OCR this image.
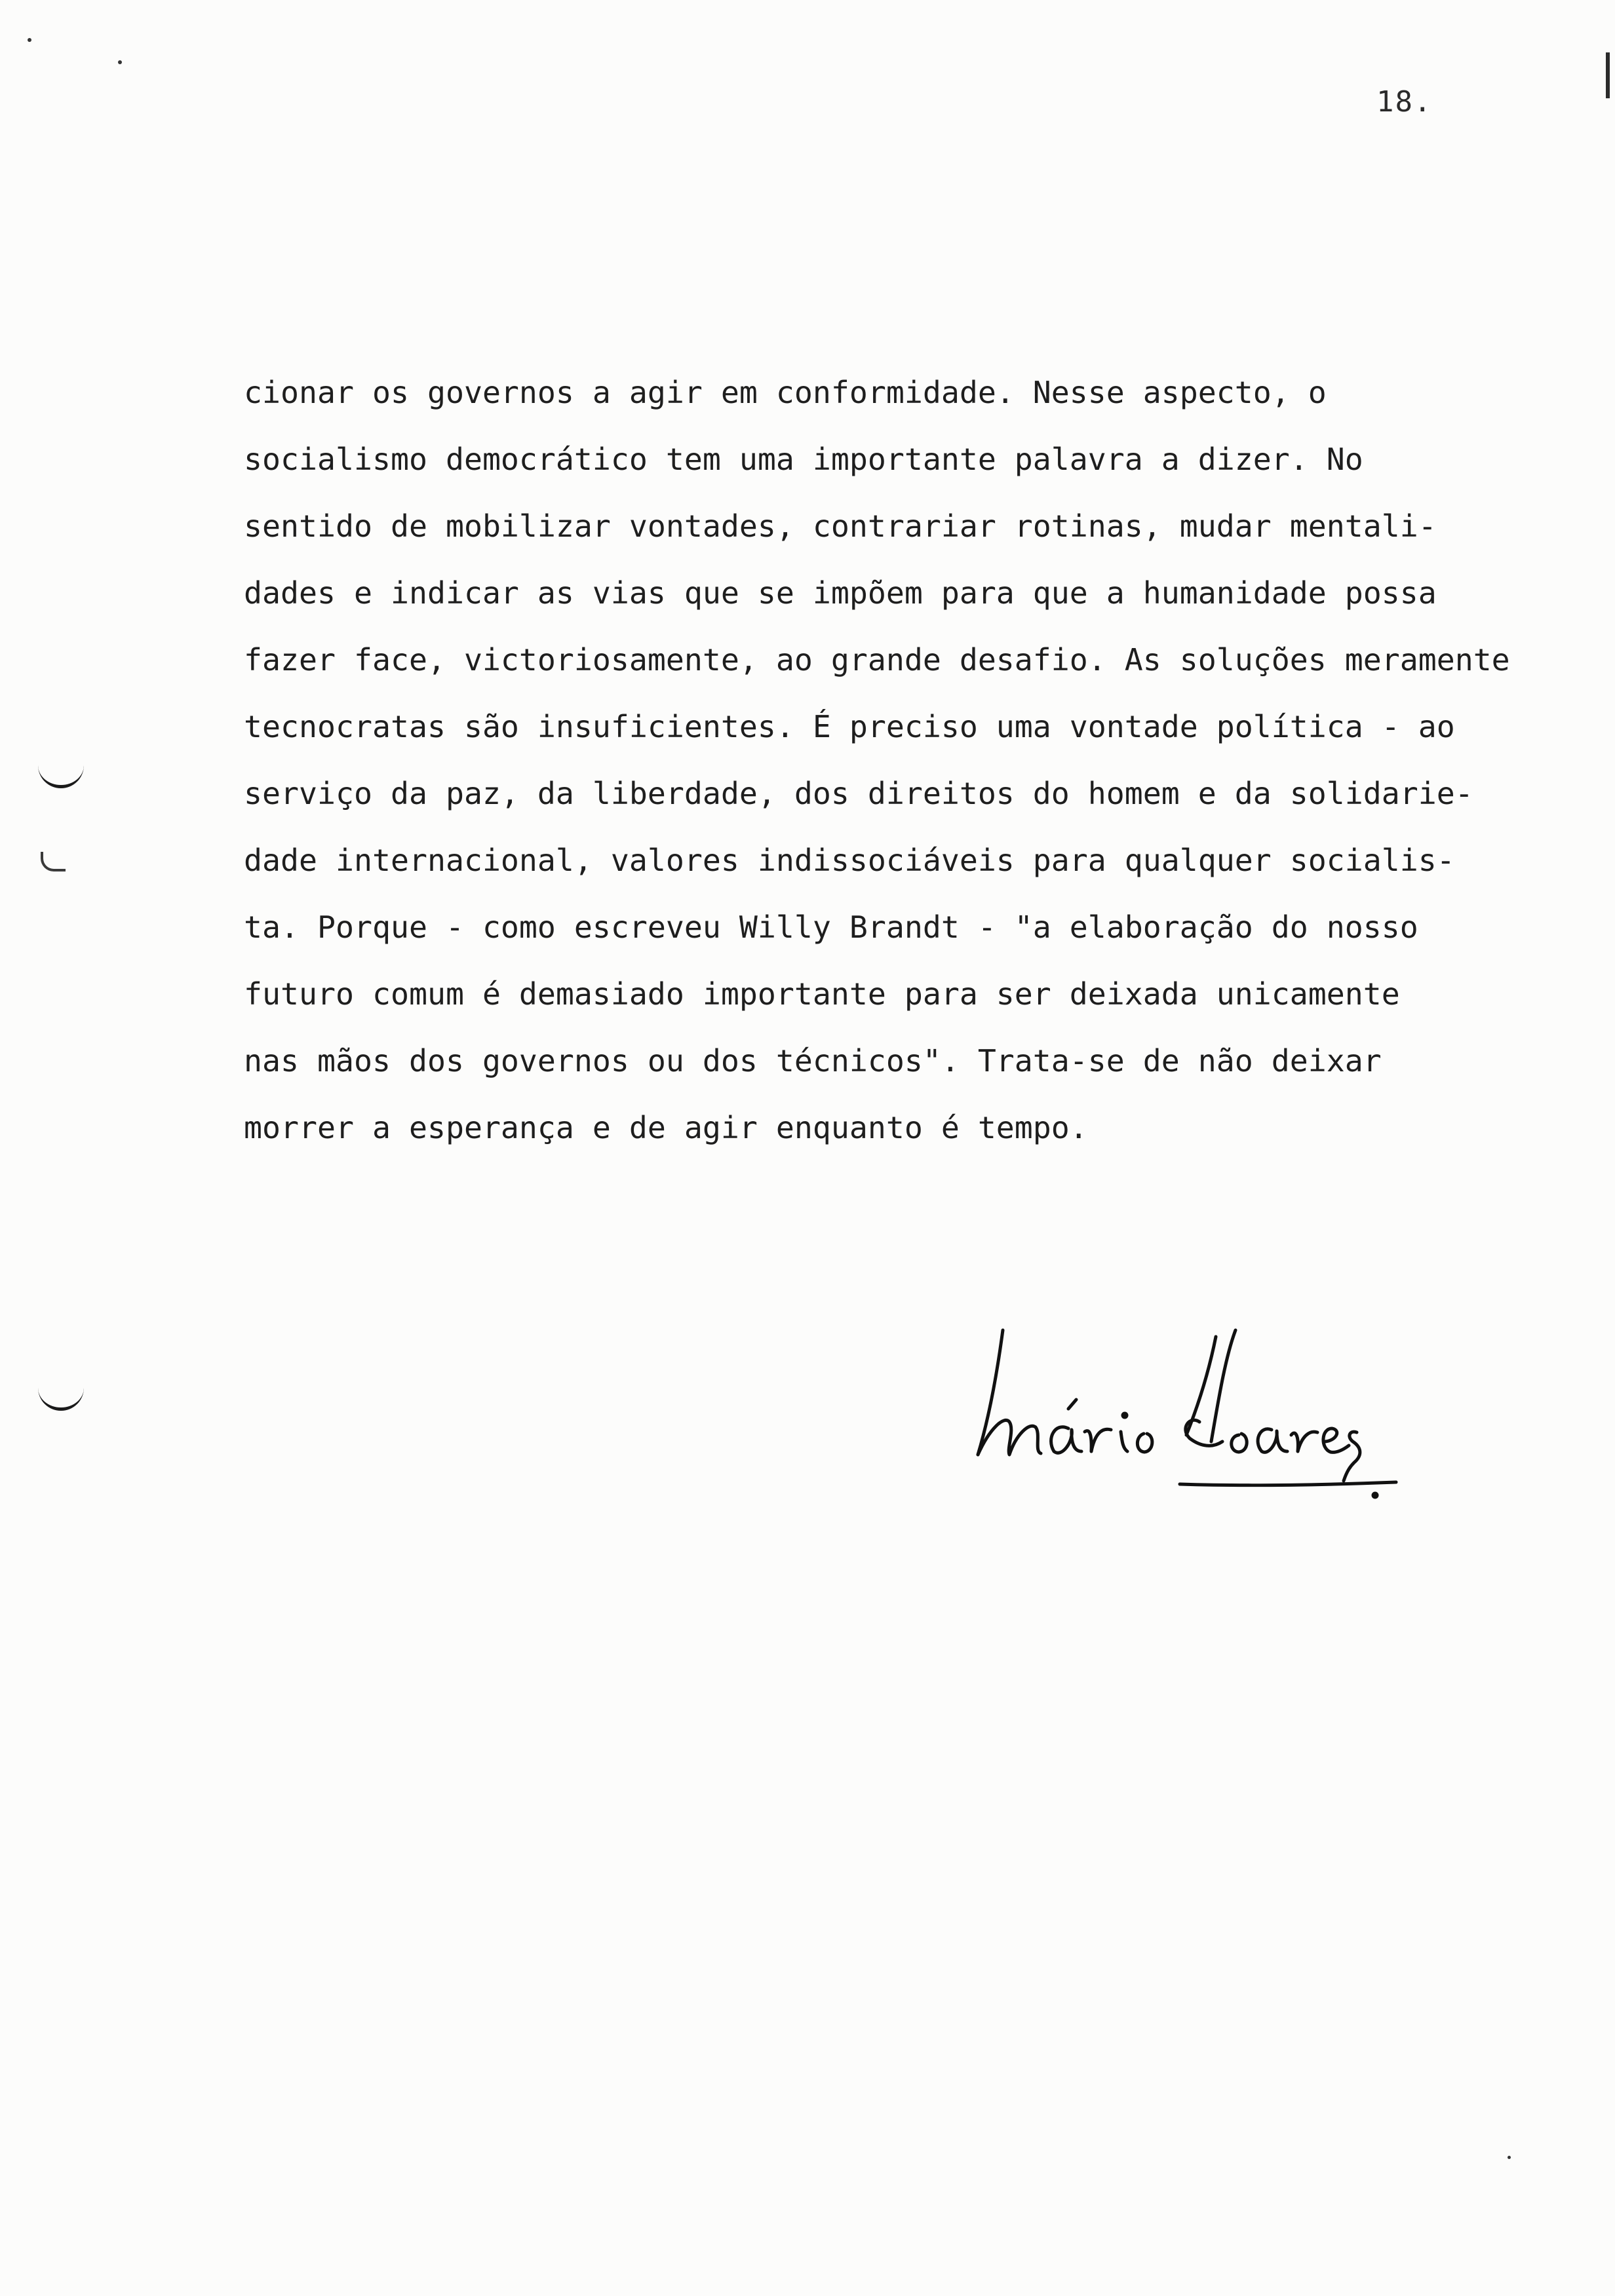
18.
cionar os governos a agir em conformidade. Nesse aspecto, o
socialismo democrático tem uma importante palavra a dizer. No
sentido de mobilizar vontades, contrariar rotinas, mudar mentali-
dades e indicar as vias que se impõem para que a humanidade possa
fazer face, victoriosamente, ao grande desafio. As soluções meramente
tecnocratas são insuficientes. É preciso uma vontade política - ao
serviço da paz, da liberdade, dos direitos do homem e da solidarie-
dade internacional, valores indissociáveis para qualquer socialis-
ta. Porque - como escreveu Willy Brandt - "a elaboração do nosso
futuro comum é demasiado importante para ser deixada unicamente
nas mãos dos governos ou dos técnicos". Trata-se de não deixar
morrer a esperança e de agir enquanto é tempo.
